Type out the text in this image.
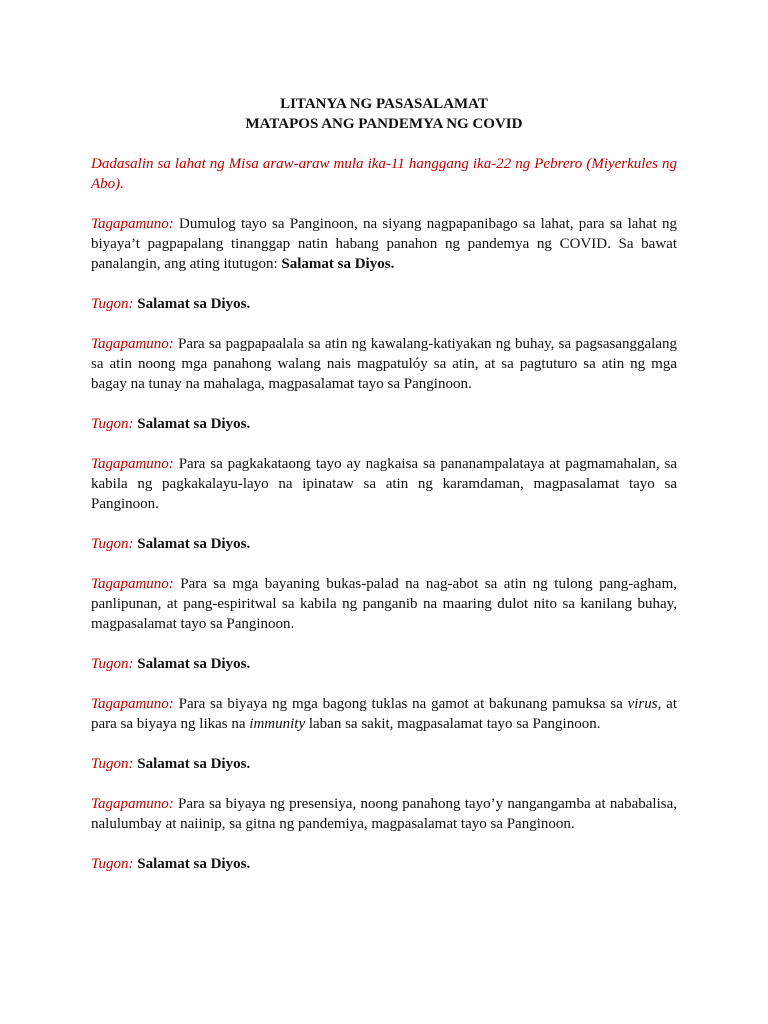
LITANYA NG PASASALAMAT
MATAPOS ANG PANDEMYA NG COVID
Dadasalin sa lahat ng Misa araw-araw mula ika-11 hanggang ika-22 ng Pebrero (Miyerkules ng Abo).
Tagapamuno: Dumulog tayo sa Panginoon, na siyang nagpapanibago sa lahat, para sa lahat ng biyaya’t pagpapalang tinanggap natin habang panahon ng pandemya ng COVID. Sa bawat panalangin, ang ating itutugon: Salamat sa Diyos.
Tugon: Salamat sa Diyos.
Tagapamuno: Para sa pagpapaalala sa atin ng kawalang-katiyakan ng buhay, sa pagsasanggalang sa atin noong mga panahong walang nais magpatulóy sa atin, at sa pagtuturo sa atin ng mga bagay na tunay na mahalaga, magpasalamat tayo sa Panginoon.
Tugon: Salamat sa Diyos.
Tagapamuno: Para sa pagkakataong tayo ay nagkaisa sa pananampalataya at pagmamahalan, sa kabila ng pagkakalayu-layo na ipinataw sa atin ng karamdaman, magpasalamat tayo sa Panginoon.
Tugon: Salamat sa Diyos.
Tagapamuno: Para sa mga bayaning bukas-palad na nag-abot sa atin ng tulong pang-agham, panlipunan, at pang-espiritwal sa kabila ng panganib na maaring dulot nito sa kanilang buhay, magpasalamat tayo sa Panginoon.
Tugon: Salamat sa Diyos.
Tagapamuno: Para sa biyaya ng mga bagong tuklas na gamot at bakunang pamuksa sa virus, at para sa biyaya ng likas na immunity laban sa sakit, magpasalamat tayo sa Panginoon.
Tugon: Salamat sa Diyos.
Tagapamuno: Para sa biyaya ng presensiya, noong panahong tayo’y nangangamba at nababalisa, nalulumbay at naiinip, sa gitna ng pandemiya, magpasalamat tayo sa Panginoon.
Tugon: Salamat sa Diyos.
